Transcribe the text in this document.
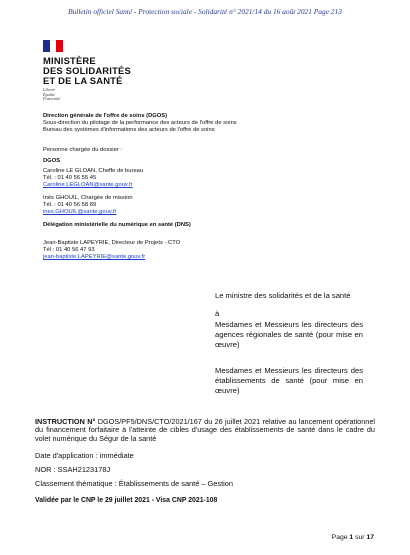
Bulletin officiel Santé - Protection sociale - Solidarité n° 2021/14 du 16 août 2021 Page 213
MINISTÈRE
DES SOLIDARITÉS
ET DE LA SANTÉ
Liberté
Égalité
Fraternité
Direction générale de l'offre de soins (DGOS)
Sous-direction du pilotage de la performance des acteurs de l'offre de soins
Bureau des systèmes d'informations des acteurs de l'offre de soins
Personne chargée du dossier :
DGOS
Caroline LE GLOAN, Cheffe de bureau
Tél. : 01 40 56 55 45
Caroline.LEGLOAN@sante.gouv.fr
Inès GHOUIL, Chargée de mission
Tél. : 01 40 56 58 89
ines.GHOUIL@sante.gouv.fr
Délégation ministérielle du numérique en santé (DNS)
Jean-Baptiste LAPEYRIE, Directeur de Projets - CTO
Tél : 01 40 56 47 93
jean-baptiste.LAPEYRIE@sante.gouv.fr
Le ministre des solidarités et de la santé
à
Mesdames et Messieurs les directeurs des
agences régionales de santé (pour mise en
œuvre)
Mesdames et Messieurs les directeurs des
établissements de santé (pour mise en
œuvre)
INSTRUCTION N° DGOS/PF5/DNS/CTO/2021/167 du 26 juillet 2021 relative au lancement opérationnel du financement forfaitaire à l'atteinte de cibles d'usage des établissements de santé dans le cadre du volet numérique du Ségur de la santé
Date d'application : immédiate
NOR : SSAH2123178J
Classement thématique : Établissements de santé – Gestion
Validée par le CNP le 29 juillet 2021 - Visa CNP 2021-108
Page 1 sur 17
